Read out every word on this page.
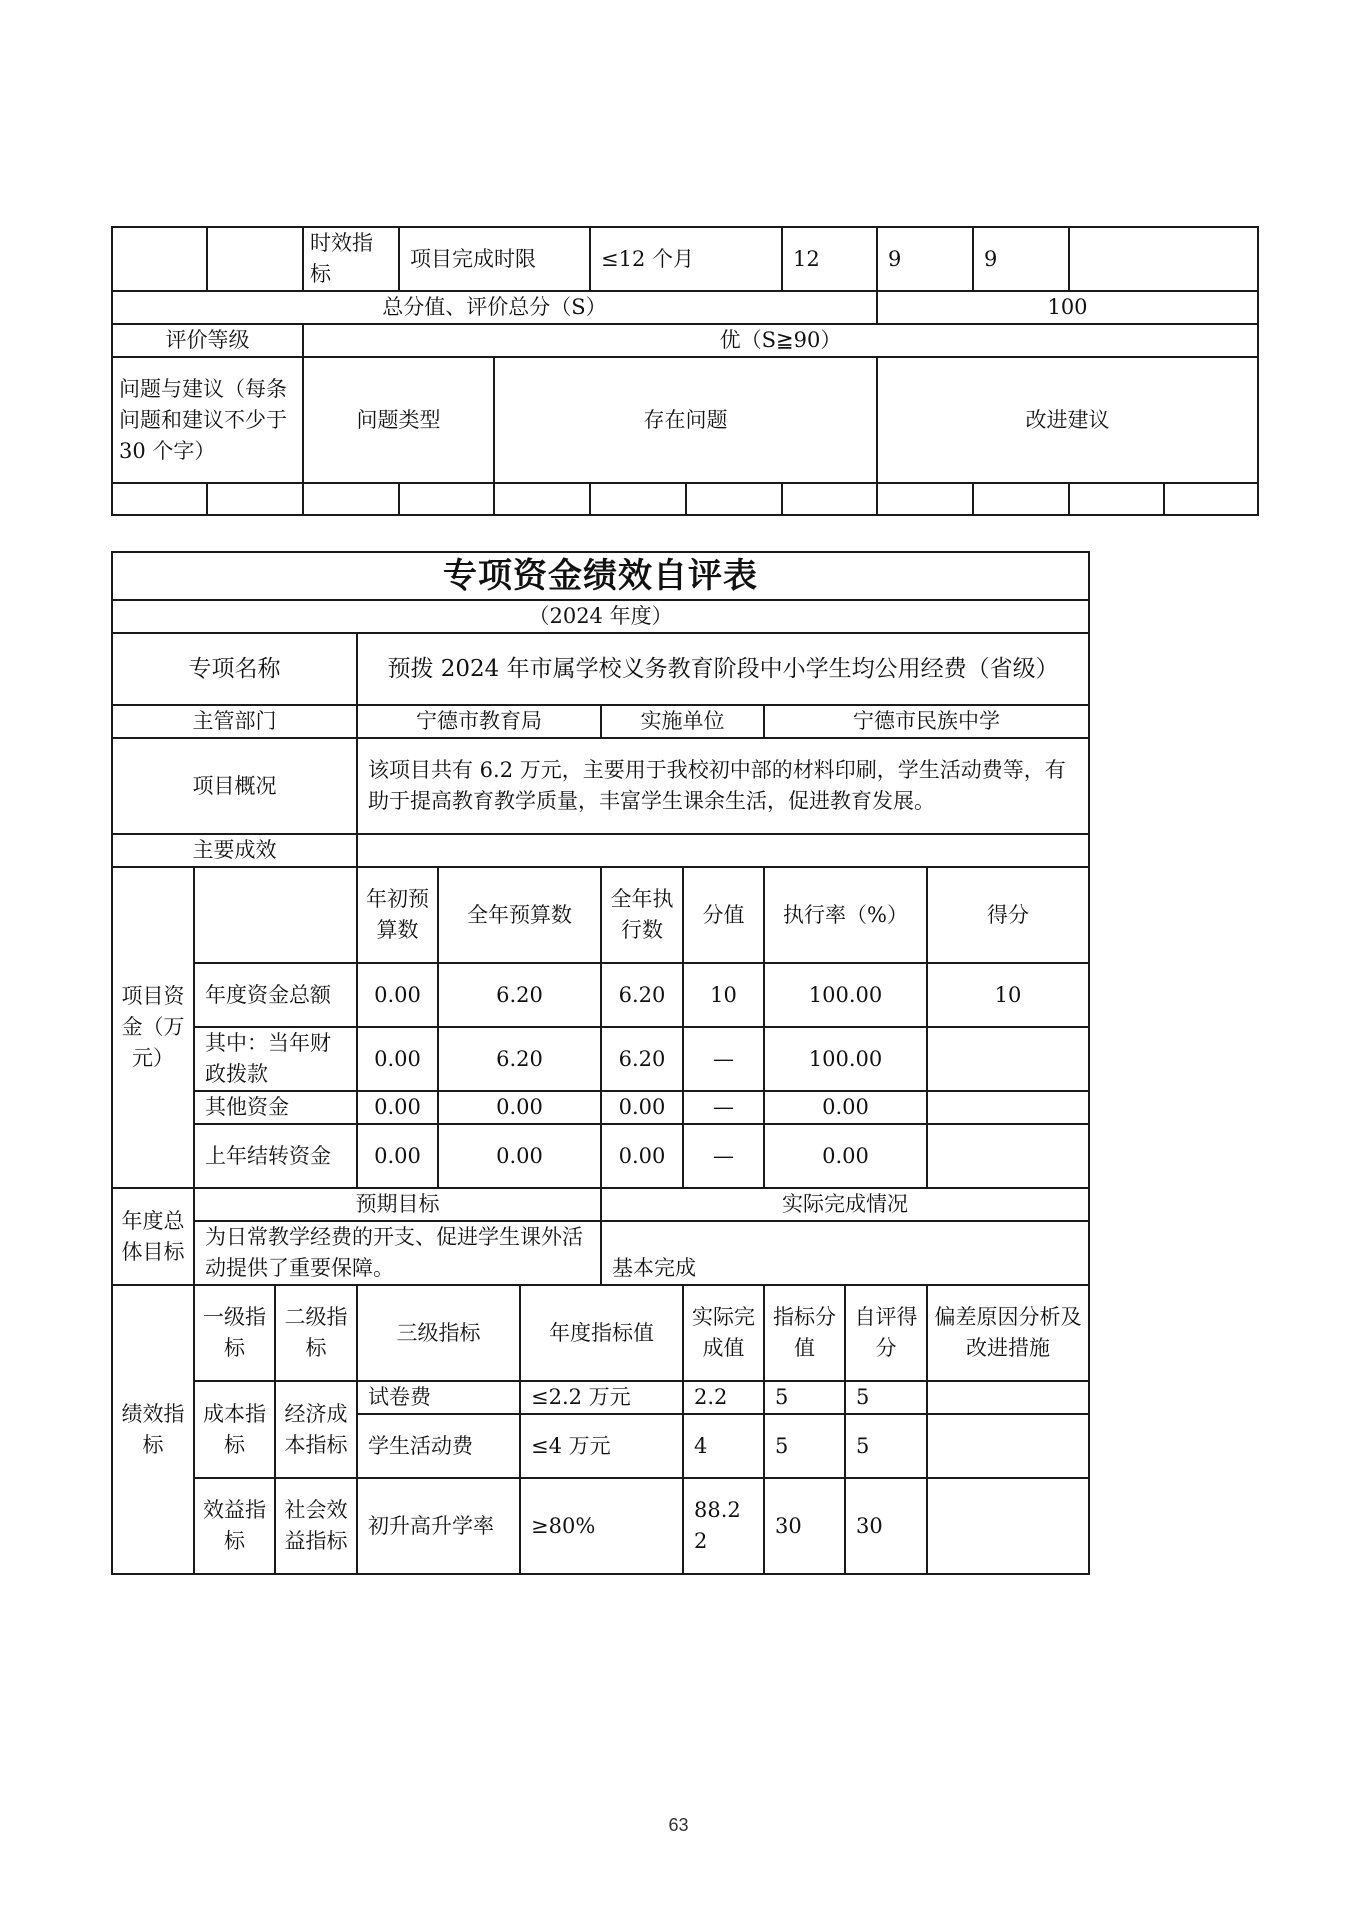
		时效指标	项目完成时限		≤12 个月		12	9	9		
总分值、评价总分（S）								100			
评价等级		优（S≧90）									
问题与建议（每条问题和建议不少于 30 个字）		问题类型		存在问题				改进建议			

专项资金绩效自评表										
（2024 年度）										
专项名称			预拨 2024 年市属学校义务教育阶段中小学生均公用经费（省级）							
主管部门			宁德市教育局			实施单位		宁德市民族中学		
项目概况			该项目共有 6.2 万元，主要用于我校初中部的材料印刷，学生活动费等，有助于提高教育教学质量，丰富学生课余生活，促进教育发展。							
主要成效										
项目资金（万元）			年初预算数	全年预算数		全年执行数	分值	执行率（%）		得分
	年度资金总额		0.00	6.20		6.20	10	100.00		10
	其中：当年财政拨款		0.00	6.20		6.20	—	100.00		
	其他资金		0.00	0.00		0.00	—	0.00		
	上年结转资金		0.00	0.00		0.00	—	0.00		
年度总体目标	预期目标					实际完成情况				
	为日常教学经费的开支、促进学生课外活动提供了重要保障。					基本完成				
绩效指标	一级指标	二级指标	三级指标		年度指标值		实际完成值	指标分值	自评得分	偏差原因分析及改进措施
	成本指标	经济成本指标	试卷费		≤2.2 万元		2.2	5	5	
			学生活动费		≤4 万元		4	5	5	
	效益指标	社会效益指标	初升高升学率		≥80%		88.22	30	30	
63
